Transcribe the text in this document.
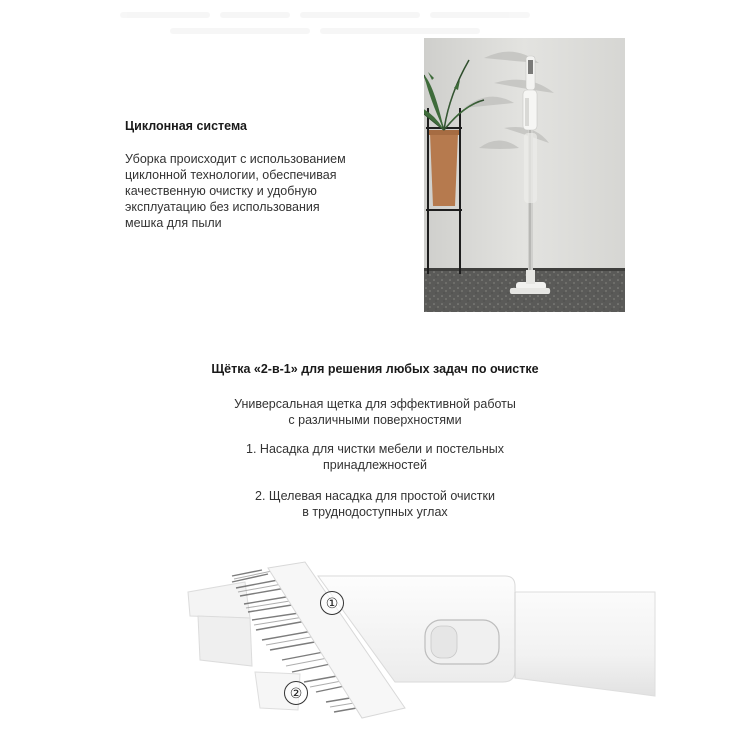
Циклонная система
Уборка происходит с использованием
циклонной технологии, обеспечивая
качественную очистку и удобную
эксплуатацию без использования
мешка для пыли
Щётка «2-в-1» для решения любых задач по очистке
Универсальная щетка для эффективной работы
с различными поверхностями
1. Насадка для чистки мебели и постельных
принадлежностей
2. Щелевая насадка для простой очистки
в труднодоступных углах
①
②
